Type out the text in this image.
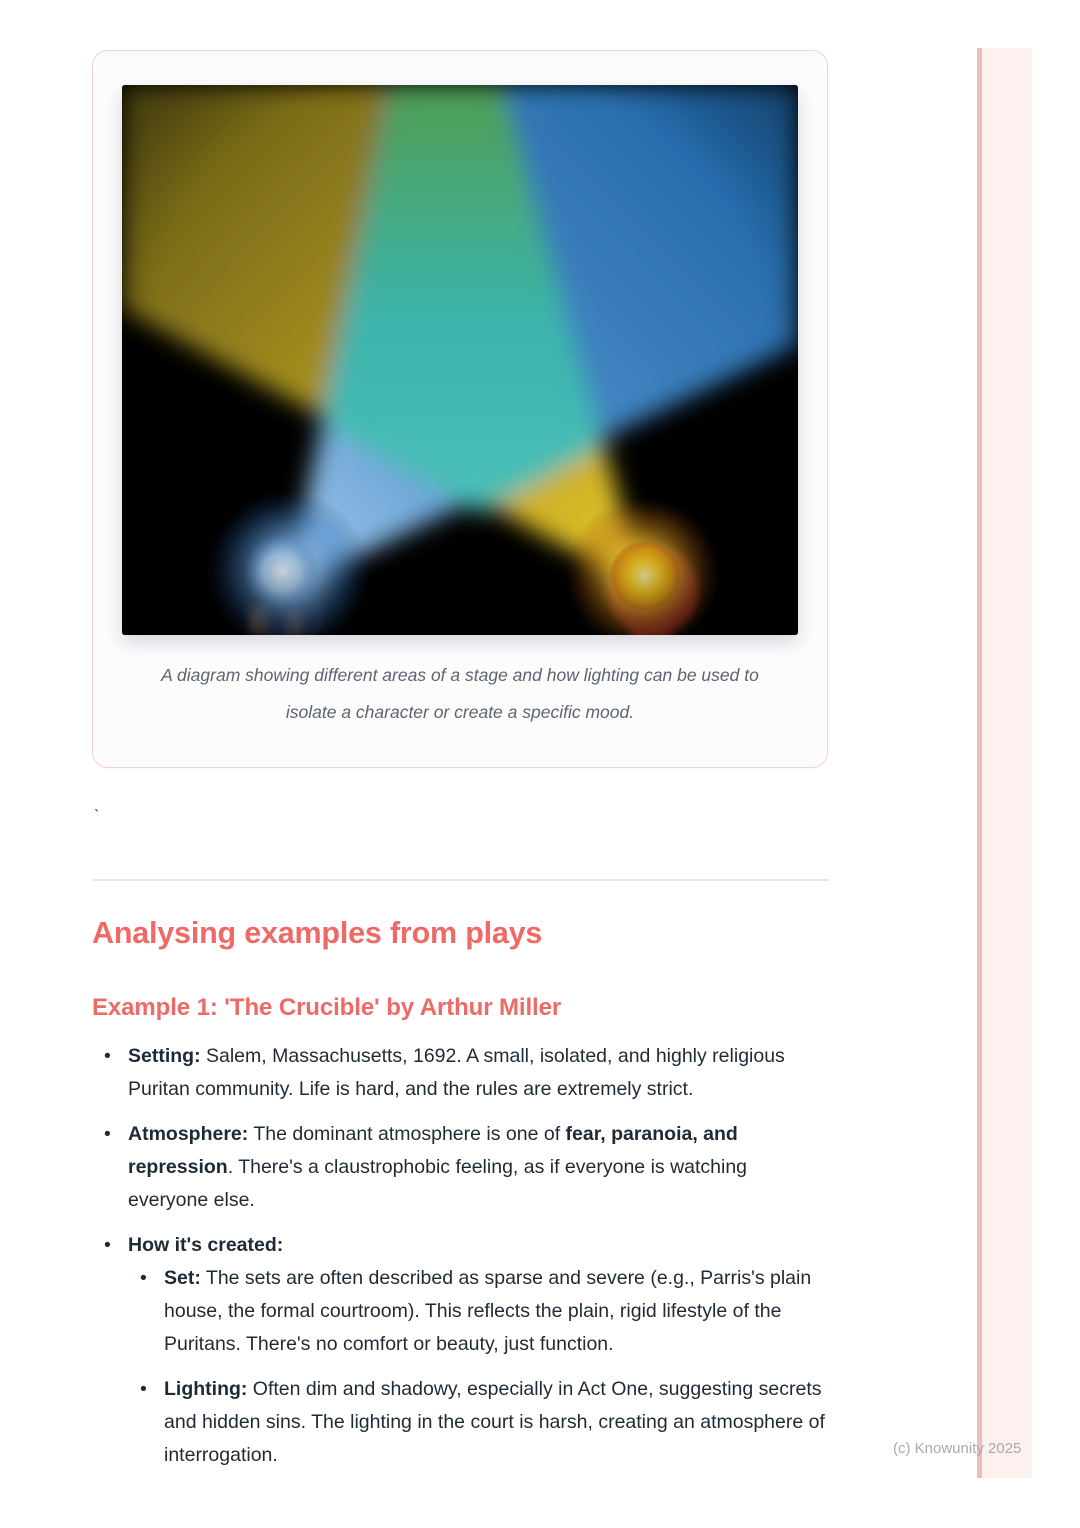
A diagram showing different areas of a stage and how lighting can be used to isolate a character or create a specific mood.

`

Analysing examples from plays
Example 1: 'The Crucible' by Arthur Miller
• Setting: Salem, Massachusetts, 1692. A small, isolated, and highly religious Puritan community. Life is hard, and the rules are extremely strict.
• Atmosphere: The dominant atmosphere is one of fear, paranoia, and repression. There's a claustrophobic feeling, as if everyone is watching everyone else.
• How it's created:
• Set: The sets are often described as sparse and severe (e.g., Parris's plain house, the formal courtroom). This reflects the plain, rigid lifestyle of the Puritans. There's no comfort or beauty, just function.
• Lighting: Often dim and shadowy, especially in Act One, suggesting secrets and hidden sins. The lighting in the court is harsh, creating an atmosphere of interrogation.	(c) Knowunity 2025
